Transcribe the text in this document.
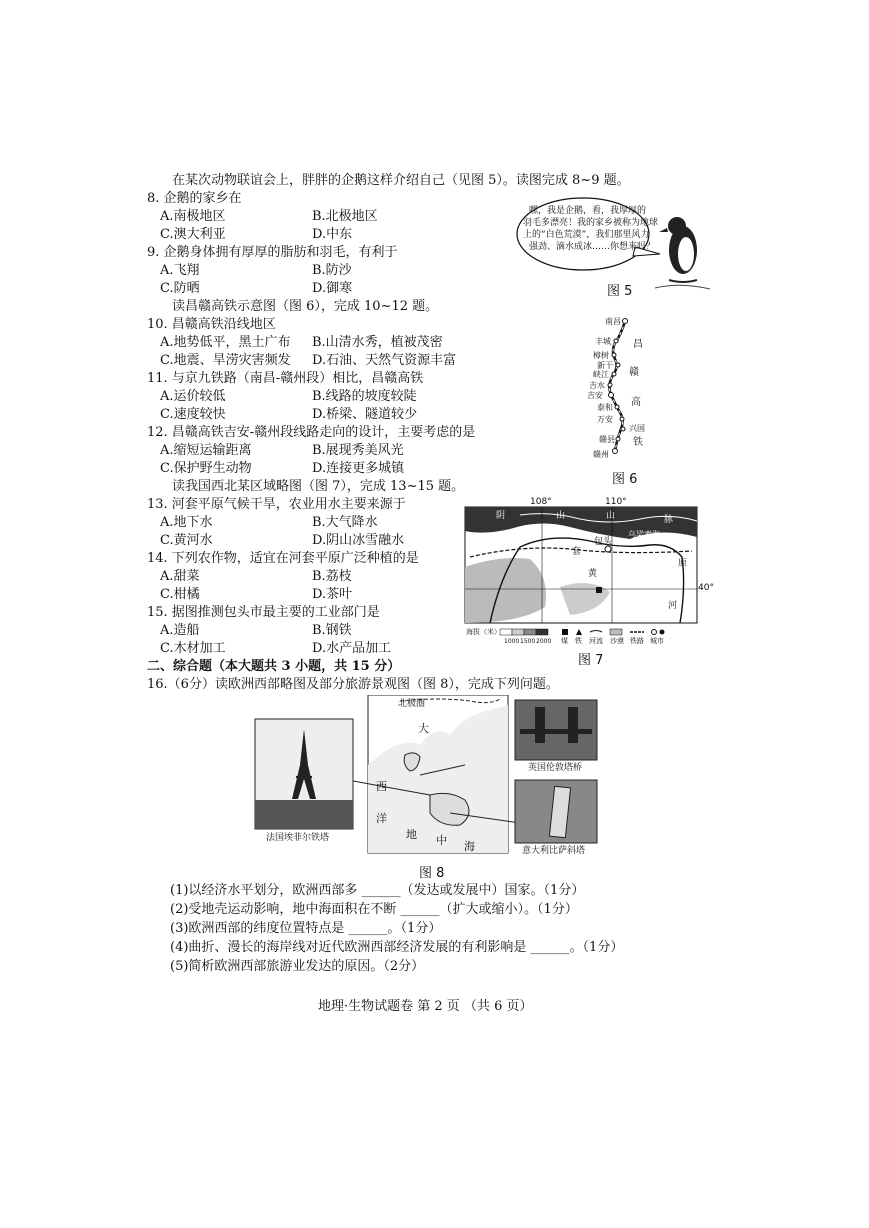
在某次动物联谊会上，胖胖的企鹅这样介绍自己（见图 5）。读图完成 8~9 题。
8. 企鹅的家乡在
A.南极地区	B.北极地区
C.澳大利亚	D.中东
9. 企鹅身体拥有厚厚的脂肪和羽毛，有利于
A.飞翔	B.防沙
C.防晒	D.御寒
读昌赣高铁示意图（图 6），完成 10~12 题。
10. 昌赣高铁沿线地区
A.地势低平，黑土广布 B.山清水秀，植被茂密
C.地震、旱涝灾害频发 D.石油、天然气资源丰富
11. 与京九铁路（南昌-赣州段）相比，昌赣高铁
A.运价较低	B.线路的坡度较陡
C.速度较快	D.桥梁、隧道较少
12. 昌赣高铁吉安-赣州段线路走向的设计，主要考虑的是
A.缩短运输距离	B.展现秀美风光
C.保护野生动物	D.连接更多城镇
读我国西北某区域略图（图 7），完成 13~15 题。
13. 河套平原气候干旱，农业用水主要来源于
A.地下水	B.大气降水
C.黄河水	D.阴山冰雪融水
14. 下列农作物，适宜在河套平原广泛种植的是
A.甜菜	B.荔枝
C.柑橘	D.茶叶
15. 据图推测包头市最主要的工业部门是
A.造船	B.钢铁
C.木材加工	D.水产品加工
二、综合题（本大题共 3 小题，共 15 分）
16.（6分）读欧洲西部略图及部分旅游景观图（图 8），完成下列问题。
嘿，我是企鹅，看，我厚厚的
羽毛多漂亮！我的家乡被称为地球
上的“白色荒漠”，我们那里风力
强劲、滴水成冰……你想来吗？
图 5
南昌
丰城
樟树
新干
峡江
吉水
吉安
泰和
万安
兴国
赣县
赣州
昌
赣
高
铁
图 6
108°	110°
40°
阴	山	山	脉
乌梁素海
包头
套
原
黄
河
海拔（米）
1000 1500 2000 煤 铁 河流 沙漠 铁路 城市
图 7
北极圈
大
西
洋
地 中 海
法国埃菲尔铁塔
英国伦敦塔桥
意大利比萨斜塔
图 8
(1)以经济水平划分，欧洲西部多 ______（发达或发展中）国家。（1分）
(2)受地壳运动影响，地中海面积在不断 ______（扩大或缩小）。（1分）
(3)欧洲西部的纬度位置特点是 ______。（1分）
(4)曲折、漫长的海岸线对近代欧洲西部经济发展的有利影响是 ______。（1分）
(5)简析欧洲西部旅游业发达的原因。（2分）
地理·生物试题卷 第 2 页 （共 6 页）
